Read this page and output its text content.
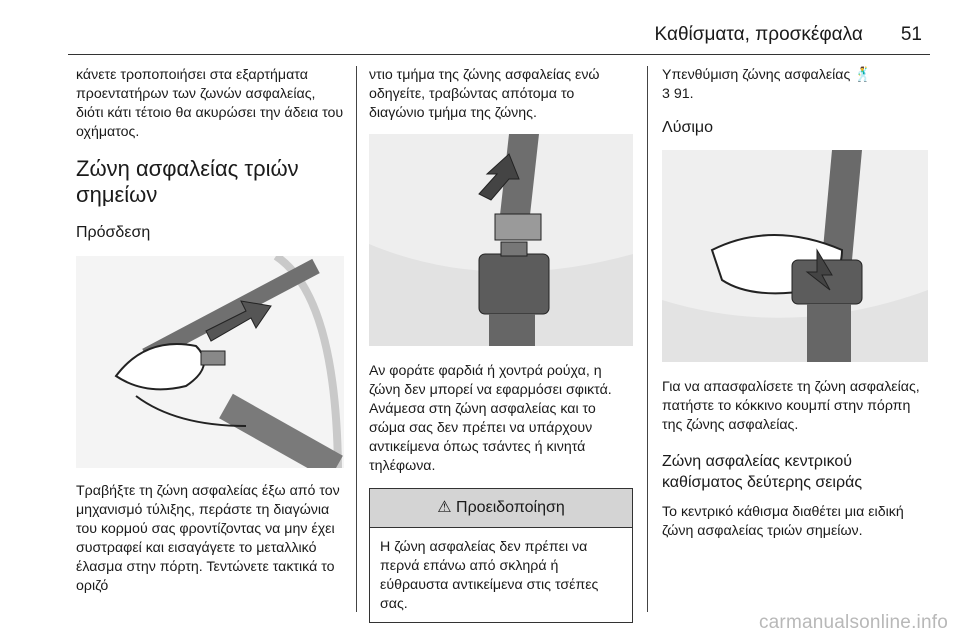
Καθίσματα, προσκέφαλα 51

κάνετε τροποποιήσει στα εξαρτήματα προεντατήρων των ζωνών ασφαλείας, διότι κάτι τέτοιο θα ακυρώσει την άδεια του οχήματος.

Ζώνη ασφαλείας τριών σημείων
Πρόσδεση

Τραβήξτε τη ζώνη ασφαλείας έξω από τον μηχανισμό τύλιξης, περάστε τη διαγώνια του κορμού σας φροντίζοντας να μην έχει συστραφεί και εισαγάγετε το μεταλλικό έλασμα στην πόρτη. Τεντώνετε τακτικά το οριζό

ντιο τμήμα της ζώνης ασφαλείας ενώ οδηγείτε, τραβώντας απότομα το διαγώνιο τμήμα της ζώνης.

Αν φοράτε φαρδιά ή χοντρά ρούχα, η ζώνη δεν μπορεί να εφαρμόσει σφικτά. Ανάμεσα στη ζώνη ασφαλείας και το σώμα σας δεν πρέπει να υπάρχουν αντικείμενα όπως τσάντες ή κινητά τηλέφωνα.

⚠ Προειδοποίηση

Η ζώνη ασφαλείας δεν πρέπει να περνά επάνω από σκληρά ή εύθραυστα αντικείμενα στις τσέπες σας.

Υπενθύμιση ζώνης ασφαλείας 🕺
3 91.

Λύσιμο

Για να απασφαλίσετε τη ζώνη ασφαλείας, πατήστε το κόκκινο κουμπί στην πόρπη της ζώνης ασφαλείας.

Ζώνη ασφαλείας κεντρικού καθίσματος δεύτερης σειράς

Το κεντρικό κάθισμα διαθέτει μια ειδική ζώνη ασφαλείας τριών σημείων.

carmanualsonline.info
